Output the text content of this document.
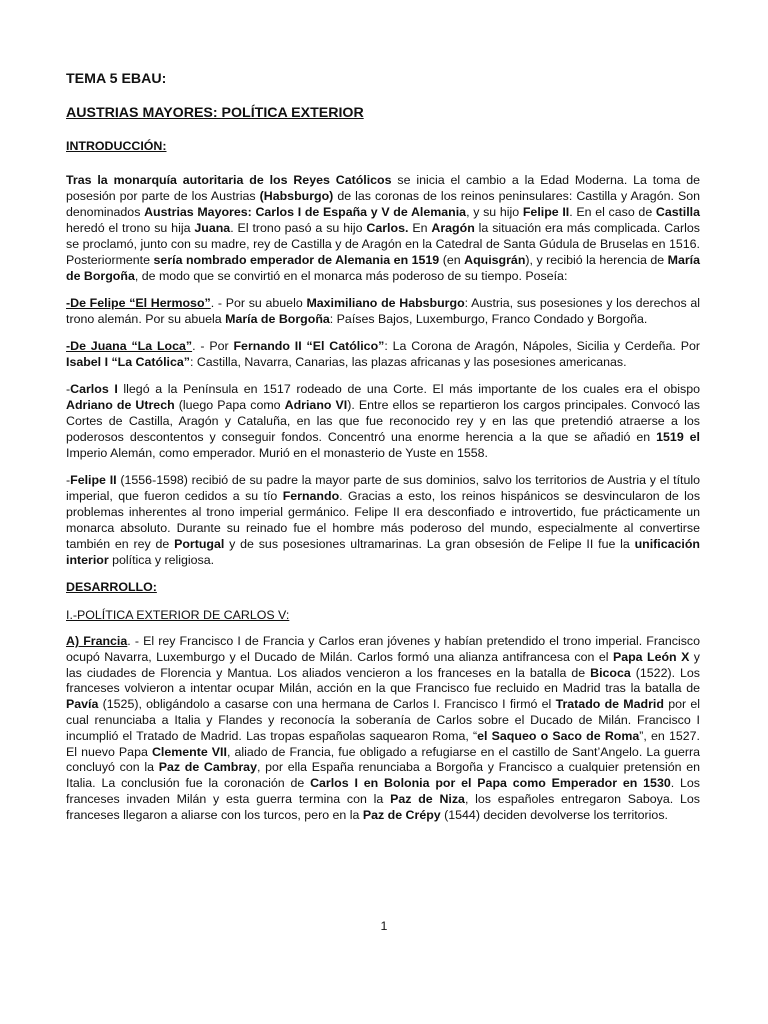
TEMA 5 EBAU:
AUSTRIAS MAYORES: POLÍTICA EXTERIOR
INTRODUCCIÓN:

Tras la monarquía autoritaria de los Reyes Católicos se inicia el cambio a la Edad Moderna. La toma de posesión por parte de los Austrias (Habsburgo) de las coronas de los reinos peninsulares: Castilla y Aragón. Son denominados Austrias Mayores: Carlos I de España y V de Alemania, y su hijo Felipe II. En el caso de Castilla heredó el trono su hija Juana. El trono pasó a su hijo Carlos. En Aragón la situación era más complicada. Carlos se proclamó, junto con su madre, rey de Castilla y de Aragón en la Catedral de Santa Gúdula de Bruselas en 1516. Posteriormente sería nombrado emperador de Alemania en 1519 (en Aquisgrán), y recibió la herencia de María de Borgoña, de modo que se convirtió en el monarca más poderoso de su tiempo. Poseía:

-De Felipe “El Hermoso”. - Por su abuelo Maximiliano de Habsburgo: Austria, sus posesiones y los derechos al trono alemán. Por su abuela María de Borgoña: Países Bajos, Luxemburgo, Franco Condado y Borgoña.

-De Juana “La Loca”. - Por Fernando II “El Católico”: La Corona de Aragón, Nápoles, Sicilia y Cerdeña. Por Isabel I “La Católica”: Castilla, Navarra, Canarias, las plazas africanas y las posesiones americanas.

-Carlos I llegó a la Península en 1517 rodeado de una Corte. El más importante de los cuales era el obispo Adriano de Utrech (luego Papa como Adriano VI). Entre ellos se repartieron los cargos principales. Convocó las Cortes de Castilla, Aragón y Cataluña, en las que fue reconocido rey y en las que pretendió atraerse a los poderosos descontentos y conseguir fondos. Concentró una enorme herencia a la que se añadió en 1519 el Imperio Alemán, como emperador. Murió en el monasterio de Yuste en 1558.

-Felipe II (1556-1598) recibió de su padre la mayor parte de sus dominios, salvo los territorios de Austria y el título imperial, que fueron cedidos a su tío Fernando. Gracias a esto, los reinos hispánicos se desvincularon de los problemas inherentes al trono imperial germánico. Felipe II era desconfiado e introvertido, fue prácticamente un monarca absoluto. Durante su reinado fue el hombre más poderoso del mundo, especialmente al convertirse también en rey de Portugal y de sus posesiones ultramarinas. La gran obsesión de Felipe II fue la unificación interior política y religiosa.

DESARROLLO:

I.-POLÍTICA EXTERIOR DE CARLOS V:

A) Francia. - El rey Francisco I de Francia y Carlos eran jóvenes y habían pretendido el trono imperial. Francisco ocupó Navarra, Luxemburgo y el Ducado de Milán. Carlos formó una alianza antifrancesa con el Papa León X y las ciudades de Florencia y Mantua. Los aliados vencieron a los franceses en la batalla de Bicoca (1522). Los franceses volvieron a intentar ocupar Milán, acción en la que Francisco fue recluido en Madrid tras la batalla de Pavía (1525), obligándolo a casarse con una hermana de Carlos I. Francisco I firmó el Tratado de Madrid por el cual renunciaba a Italia y Flandes y reconocía la soberanía de Carlos sobre el Ducado de Milán. Francisco I incumplió el Tratado de Madrid. Las tropas españolas saquearon Roma, “el Saqueo o Saco de Roma”, en 1527. El nuevo Papa Clemente VII, aliado de Francia, fue obligado a refugiarse en el castillo de Sant’Angelo. La guerra concluyó con la Paz de Cambray, por ella España renunciaba a Borgoña y Francisco a cualquier pretensión en Italia. La conclusión fue la coronación de Carlos I en Bolonia por el Papa como Emperador en 1530. Los franceses invaden Milán y esta guerra termina con la Paz de Niza, los españoles entregaron Saboya. Los franceses llegaron a aliarse con los turcos, pero en la Paz de Crépy (1544) deciden devolverse los territorios.

1
